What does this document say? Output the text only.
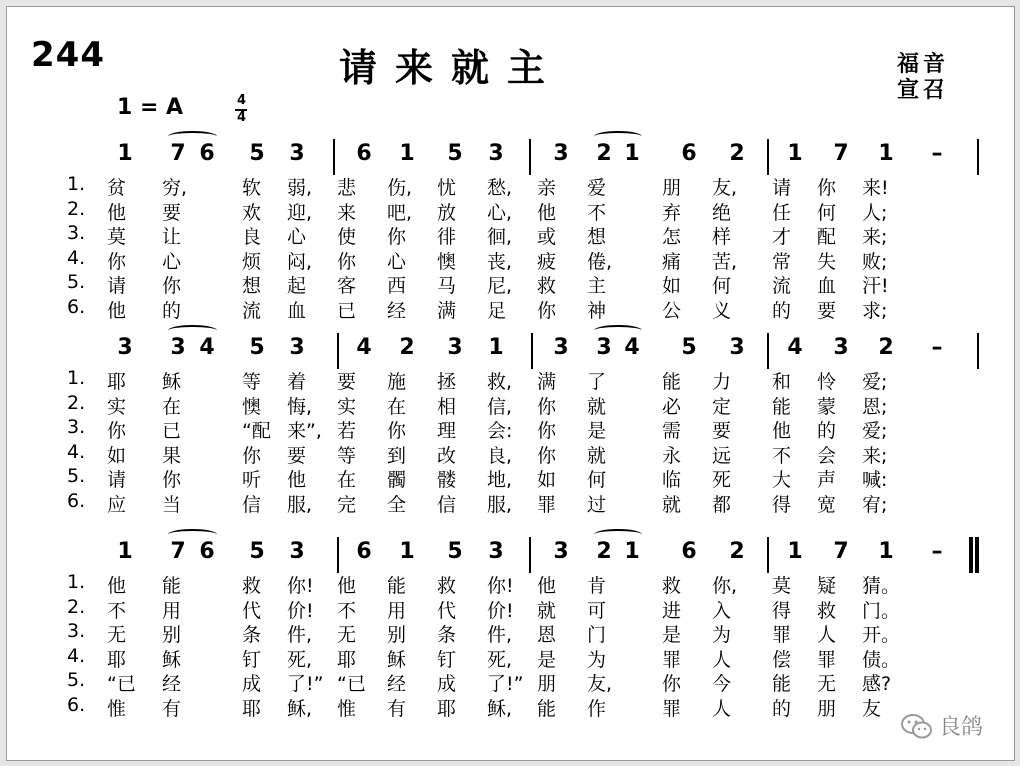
244	请来就主	福音
宣召
1 = A	4
4
1 7 6 5 3 6 1 5 3 3 2 1 6 2 1 7 1	–
1. 贫 穷,	软 弱, 悲 伤, 忧 愁, 亲 爱	朋 友, 请 你 来!
2. 他 要	欢 迎, 来 吧, 放 心, 他 不	弃 绝 任 何 人;
3. 莫 让	良 心 使 你 徘 徊, 或 想	怎 样 才 配 来;
4. 你 心	烦 闷, 你 心 懊 丧, 疲 倦,	痛 苦, 常 失 败;
5. 请 你	想 起 客 西 马 尼, 救 主	如 何 流 血 汗!
6. 他 的	流 血 已 经 满 足 你 神	公 义 的 要 求;
3 3 4 5 3 4 2 3 1 3 3 4 5 3 4 3 2	–
1. 耶 稣	等 着 要 施 拯 救, 满 了	能 力 和 怜 爱;
2. 实 在	懊 悔, 实 在 相 信, 你 就	必 定 能 蒙 恩;
3. 你 已	“配 来”, 若 你 理 会: 你 是	需 要 他 的 爱;
4. 如 果	你 要 等 到 改 良, 你 就	永 远 不 会 来;
5. 请 你	听 他 在 髑 髅 地, 如 何	临 死 大 声 喊:
6. 应 当	信 服, 完 全 信 服, 罪 过	就 都 得 宽 宥;
1 7 6 5 3 6 1 5 3 3 2 1 6 2 1 7 1	–
1. 他 能	救 你! 他 能 救 你! 他 肯	救 你, 莫 疑 猜。
2. 不 用	代 价! 不 用 代 价! 就 可	进 入 得 救 门。
3. 无 别	条 件, 无 别 条 件, 恩 门	是 为 罪 人 开。
4. 耶 稣	钉 死, 耶 稣 钉 死, 是 为	罪 人 偿 罪 债。
5. “已 经	成 了!” “已 经 成 了!” 朋 友,	你 今 能 无 感?
6. 惟 有	耶 稣, 惟 有 耶 稣, 能 作	罪 人 的 朋 友
良鸽
